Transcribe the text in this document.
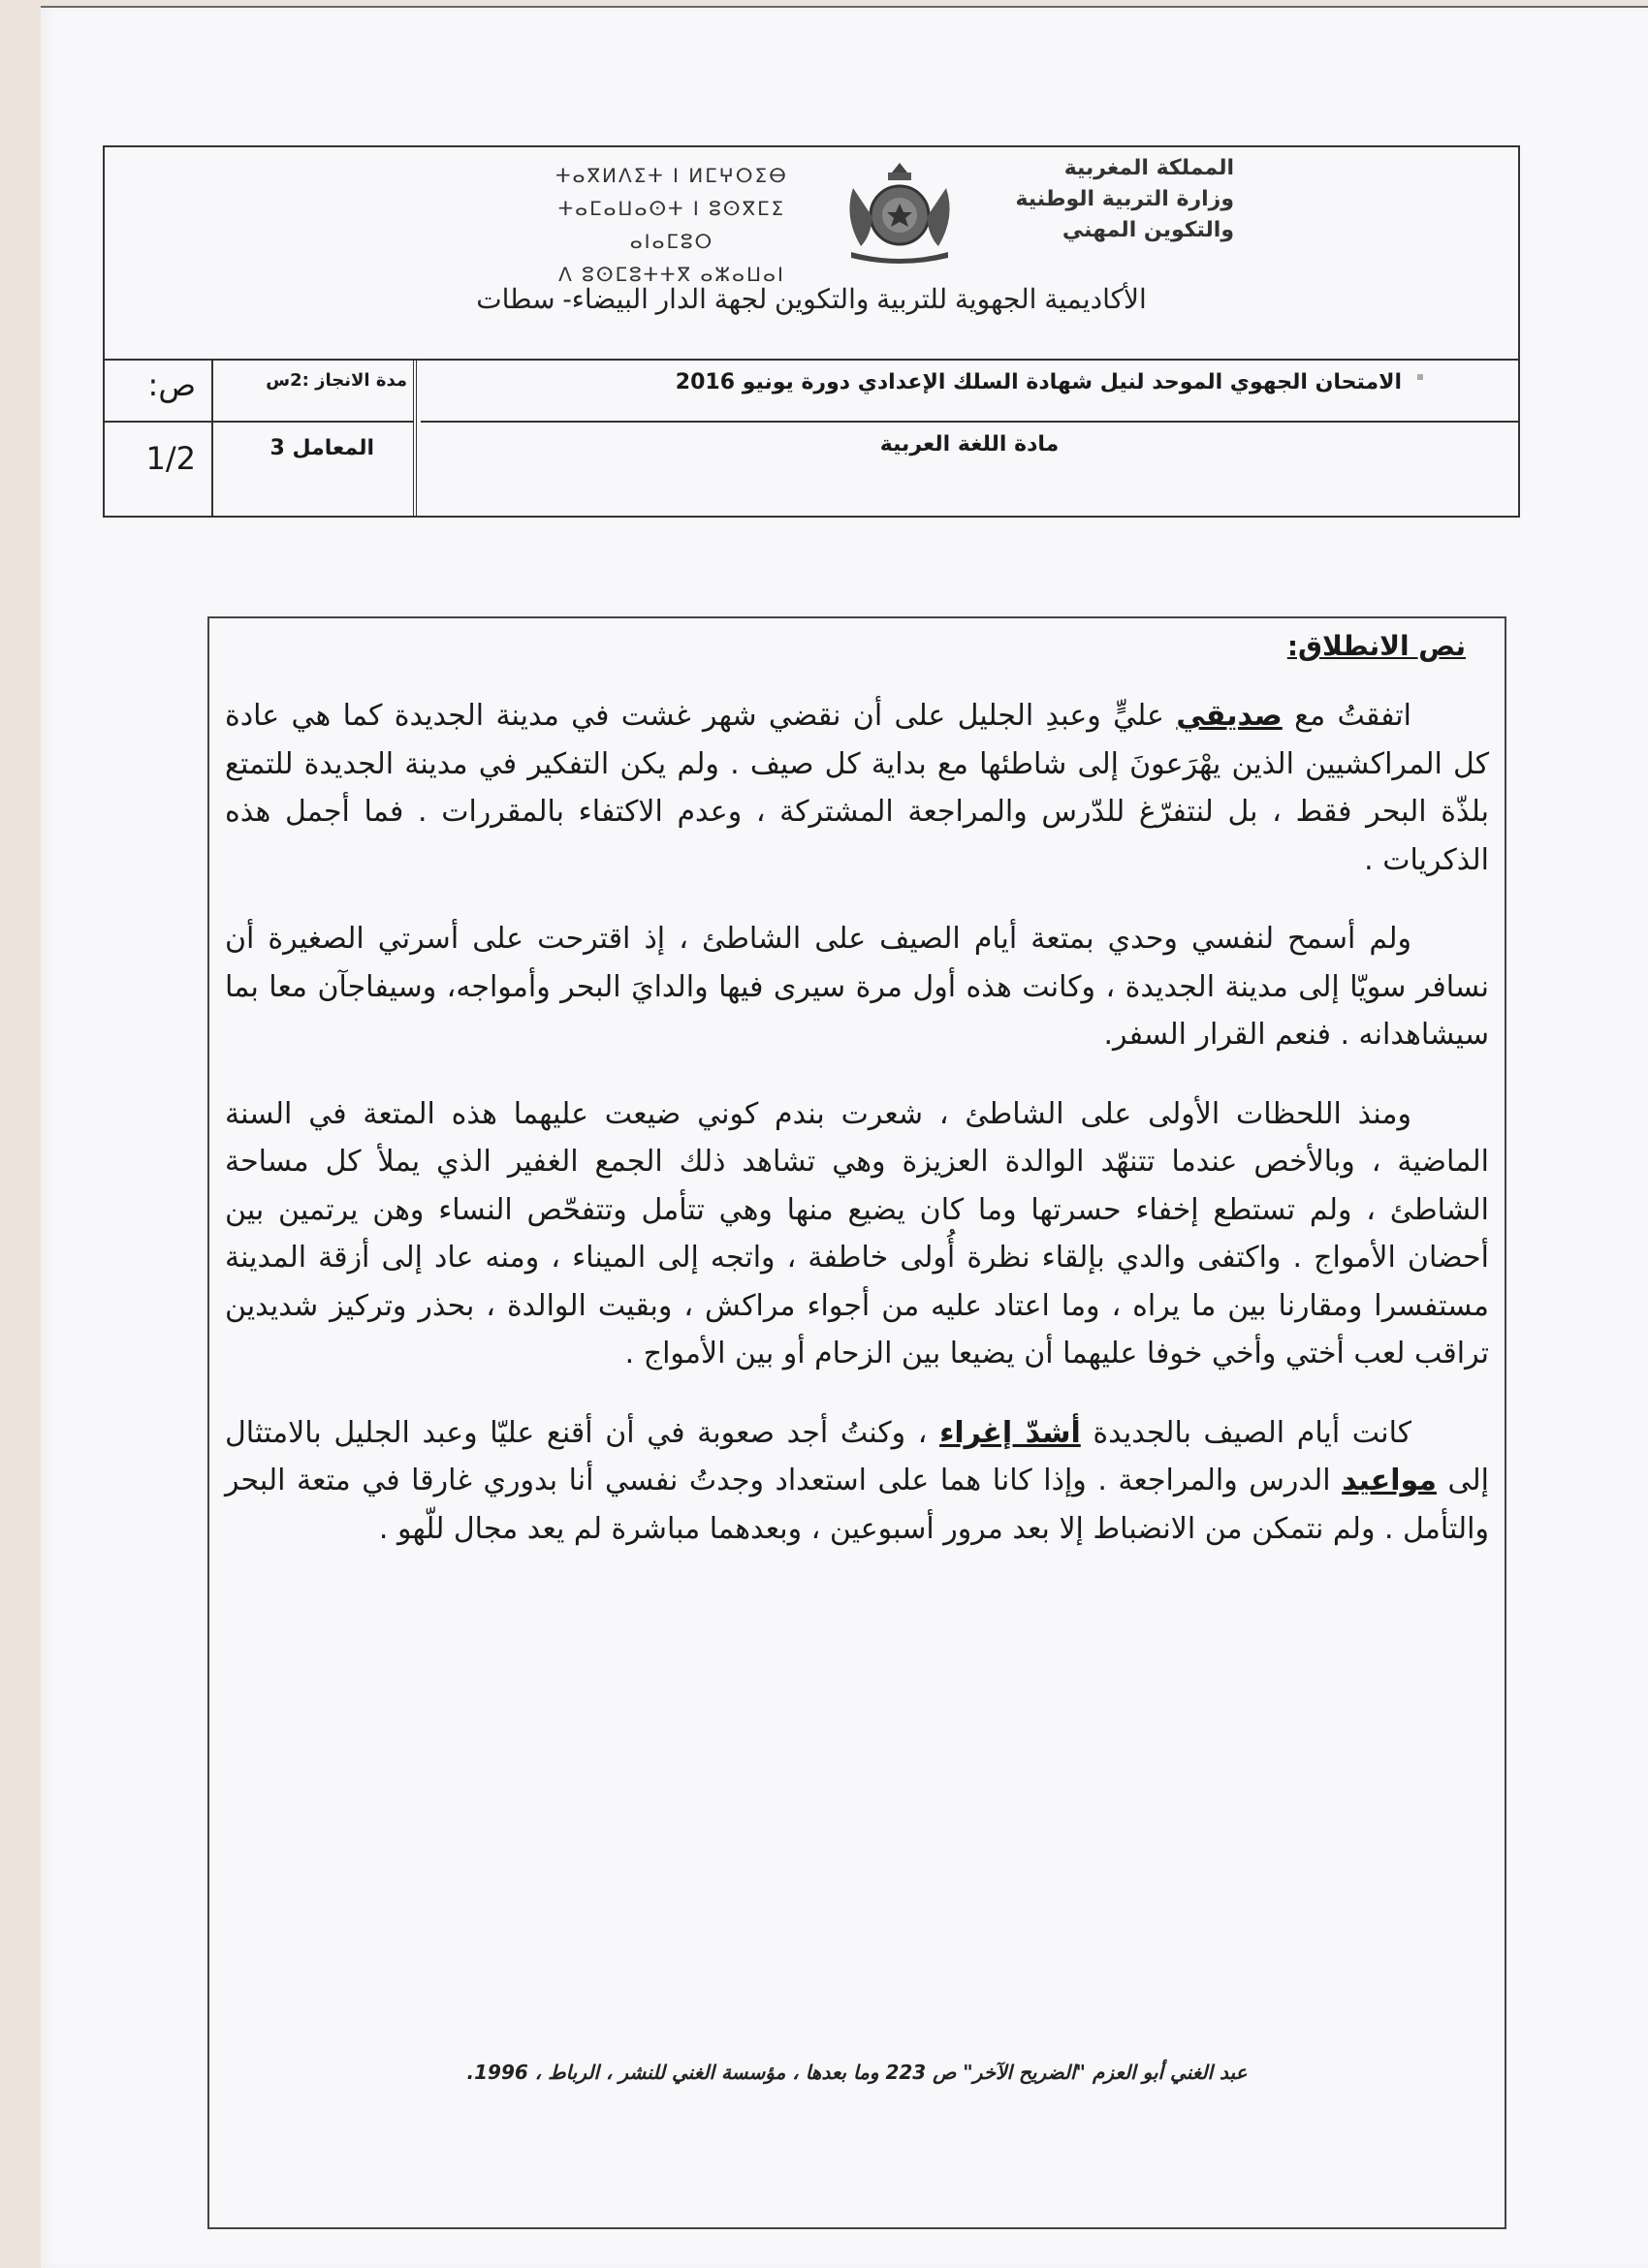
ⵜⴰⴳⵍⴷⵉⵜ ⵏ ⵍⵎⵖⵔⵉⴱ
ⵜⴰⵎⴰⵡⴰⵙⵜ ⵏ ⵓⵙⴳⵎⵉ ⴰⵏⴰⵎⵓⵔ
ⴷ ⵓⵙⵎⵓⵜⵜⴳ ⴰⵣⴰⵡⴰⵏ
المملكة المغربية
وزارة التربية الوطنية
والتكوين المهني
الأكاديمية الجهوية للتربية والتكوين لجهة الدار البيضاء- سطات
ص:
1/2
مدة الانجاز :2س
المعامل 3
الامتحان الجهوي الموحد لنيل شهادة السلك الإعدادي دورة يونيو 2016
مادة اللغة العربية
نص الانطلاق:

اتفقتُ مع صديقي عليٍّ وعبدِ الجليل على أن نقضي شهر غشت في مدينة الجديدة كما هي عادة كل المراكشيين الذين يهْرَعونَ إلى شاطئها مع بداية كل صيف . ولم يكن التفكير في مدينة الجديدة للتمتع بلذّة البحر فقط ، بل لنتفرّغ للدّرس والمراجعة المشتركة ، وعدم الاكتفاء بالمقررات . فما أجمل هذه الذكريات .

ولم أسمح لنفسي وحدي بمتعة أيام الصيف على الشاطئ ، إذ اقترحت على أسرتي الصغيرة أن نسافر سويّا إلى مدينة الجديدة ، وكانت هذه أول مرة سيرى فيها والدايَ البحر وأمواجه، وسيفاجآن معا بما سيشاهدانه . فنعم القرار السفر.

ومنذ اللحظات الأولى على الشاطئ ، شعرت بندم كوني ضيعت عليهما هذه المتعة في السنة الماضية ، وبالأخص عندما تتنهّد الوالدة العزيزة وهي تشاهد ذلك الجمع الغفير الذي يملأ كل مساحة الشاطئ ، ولم تستطع إخفاء حسرتها وما كان يضيع منها وهي تتأمل وتتفحّص النساء وهن يرتمين بين أحضان الأمواج . واكتفى والدي بإلقاء نظرة أُولى خاطفة ، واتجه إلى الميناء ، ومنه عاد إلى أزقة المدينة مستفسرا ومقارنا بين ما يراه ، وما اعتاد عليه من أجواء مراكش ، وبقيت الوالدة ، بحذر وتركيز شديدين تراقب لعب أختي وأخي خوفا عليهما أن يضيعا بين الزحام أو بين الأمواج .

كانت أيام الصيف بالجديدة أشدّ إغراء ، وكنتُ أجد صعوبة في أن أقنع عليّا وعبد الجليل بالامتثال إلى مواعيد الدرس والمراجعة . وإذا كانا هما على استعداد وجدتُ نفسي أنا بدوري غارقا في متعة البحر والتأمل . ولم نتمكن من الانضباط إلا بعد مرور أسبوعين ، وبعدهما مباشرة لم يعد مجال للّهو .

عبد الغني أبو العزم "الضريح الآخر" ص 223 وما بعدها ، مؤسسة الغني للنشر ، الرباط ، 1996.
